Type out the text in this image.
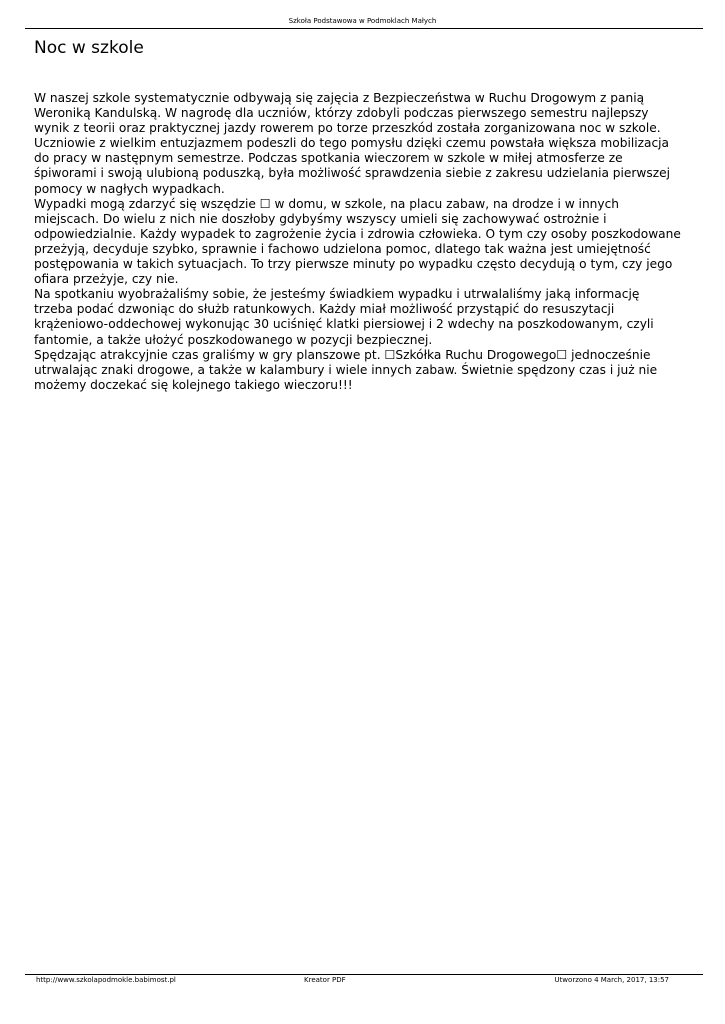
Szkoła Podstawowa w Podmoklach Małych
Noc w szkole

W naszej szkole systematycznie odbywają się zajęcia z Bezpieczeństwa w Ruchu Drogowym z panią
Weroniką Kandulską. W nagrodę dla uczniów, którzy zdobyli podczas pierwszego semestru najlepszy
wynik z teorii oraz praktycznej jazdy rowerem po torze przeszkód została zorganizowana noc w szkole.
Uczniowie z wielkim entuzjazmem podeszli do tego pomysłu dzięki czemu powstała większa mobilizacja
do pracy w następnym semestrze. Podczas spotkania wieczorem w szkole w miłej atmosferze ze
śpiworami i swoją ulubioną poduszką, była możliwość sprawdzenia siebie z zakresu udzielania pierwszej
pomocy w nagłych wypadkach.

Wypadki mogą zdarzyć się wszędzie ☐ w domu, w szkole, na placu zabaw, na drodze i w innych
miejscach. Do wielu z nich nie doszłoby gdybyśmy wszyscy umieli się zachowywać ostrożnie i
odpowiedzialnie. Każdy wypadek to zagrożenie życia i zdrowia człowieka. O tym czy osoby poszkodowane
przeżyją, decyduje szybko, sprawnie i fachowo udzielona pomoc, dlatego tak ważna jest umiejętność
postępowania w takich sytuacjach. To trzy pierwsze minuty po wypadku często decydują o tym, czy jego
ofiara przeżyje, czy nie.

Na spotkaniu wyobrażaliśmy sobie, że jesteśmy świadkiem wypadku i utrwalaliśmy jaką informację
trzeba podać dzwoniąc do służb ratunkowych. Każdy miał możliwość przystąpić do resuszytacji
krążeniowo-oddechowej wykonując 30 uciśnięć klatki piersiowej i 2 wdechy na poszkodowanym, czyli
fantomie, a także ułożyć poszkodowanego w pozycji bezpiecznej.

Spędzając atrakcyjnie czas graliśmy w gry planszowe pt. ☐Szkółka Ruchu Drogowego☐ jednocześnie
utrwalając znaki drogowe, a także w kalambury i wiele innych zabaw. Świetnie spędzony czas i już nie
możemy doczekać się kolejnego takiego wieczoru!!!

http://www.szkolapodmokle.babimost.pl	Kreator PDF	Utworzono 4 March, 2017, 13:57
